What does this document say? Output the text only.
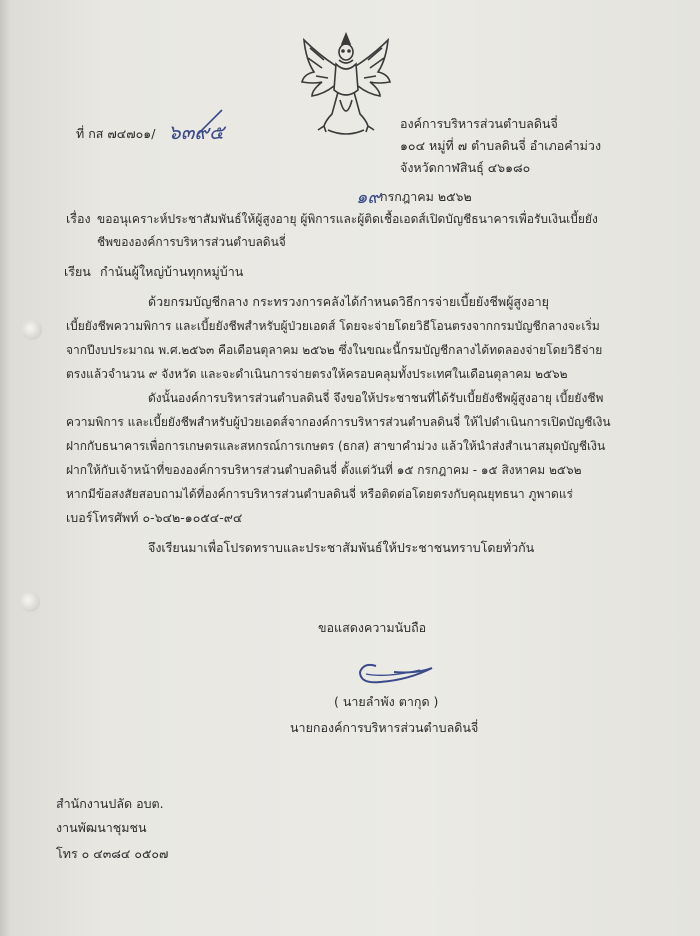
ที่ กส ๗๔๗๐๑/ ๖๓๙๕	องค์การบริหารส่วนตำบลดินจี่
๑๐๔ หมู่ที่ ๗ ตำบลดินจี่ อำเภอคำม่วง
จังหวัดกาฬสินธุ์ ๔๖๑๘๐
๑๙ กรกฎาคม ๒๕๖๒
เรื่อง ขออนุเคราะห์ประชาสัมพันธ์ให้ผู้สูงอายุ ผู้พิการและผู้ติดเชื้อเอดส์เปิดบัญชีธนาคารเพื่อรับเงินเบี้ยยัง
ชีพขององค์การบริหารส่วนตำบลดินจี่
เรียน กำนันผู้ใหญ่บ้านทุกหมู่บ้าน
ด้วยกรมบัญชีกลาง กระทรวงการคลังได้กำหนดวิธีการจ่ายเบี้ยยังชีพผู้สูงอายุ
เบี้ยยังชีพความพิการ และเบี้ยยังชีพสำหรับผู้ป่วยเอดส์ โดยจะจ่ายโดยวิธีโอนตรงจากกรมบัญชีกลางจะเริ่ม
จากปีงบประมาณ พ.ศ.๒๕๖๓ คือเดือนตุลาคม ๒๕๖๒ ซึ่งในขณะนี้กรมบัญชีกลางได้ทดลองจ่ายโดยวิธีจ่าย
ตรงแล้วจำนวน ๙ จังหวัด และจะดำเนินการจ่ายตรงให้ครอบคลุมทั้งประเทศในเดือนตุลาคม ๒๕๖๒
ดังนั้นองค์การบริหารส่วนตำบลดินจี่ จึงขอให้ประชาชนที่ได้รับเบี้ยยังชีพผู้สูงอายุ เบี้ยยังชีพ
ความพิการ และเบี้ยยังชีพสำหรับผู้ป่วยเอดส์จากองค์การบริหารส่วนตำบลดินจี่ ให้ไปดำเนินการเปิดบัญชีเงิน
ฝากกับธนาคารเพื่อการเกษตรและสหกรณ์การเกษตร (ธกส) สาขาคำม่วง แล้วให้นำส่งสำเนาสมุดบัญชีเงิน
ฝากให้กับเจ้าหน้าที่ขององค์การบริหารส่วนตำบลดินจี่ ตั้งแต่วันที่ ๑๕ กรกฎาคม - ๑๕ สิงหาคม ๒๕๖๒
หากมีข้อสงสัยสอบถามได้ที่องค์การบริหารส่วนตำบลดินจี่ หรือติดต่อโดยตรงกับคุณยุทธนา ภูพาดแร่
เบอร์โทรศัพท์ ๐-๖๔๒-๑๐๕๔-๙๔
จึงเรียนมาเพื่อโปรดทราบและประชาสัมพันธ์ให้ประชาชนทราบโดยทั่วกัน
ขอแสดงความนับถือ
( นายลำพัง ตากุด )
นายกองค์การบริหารส่วนตำบลดินจี่
สำนักงานปลัด อบต.
งานพัฒนาชุมชน
โทร ๐ ๔๓๘๔ ๐๕๐๗
